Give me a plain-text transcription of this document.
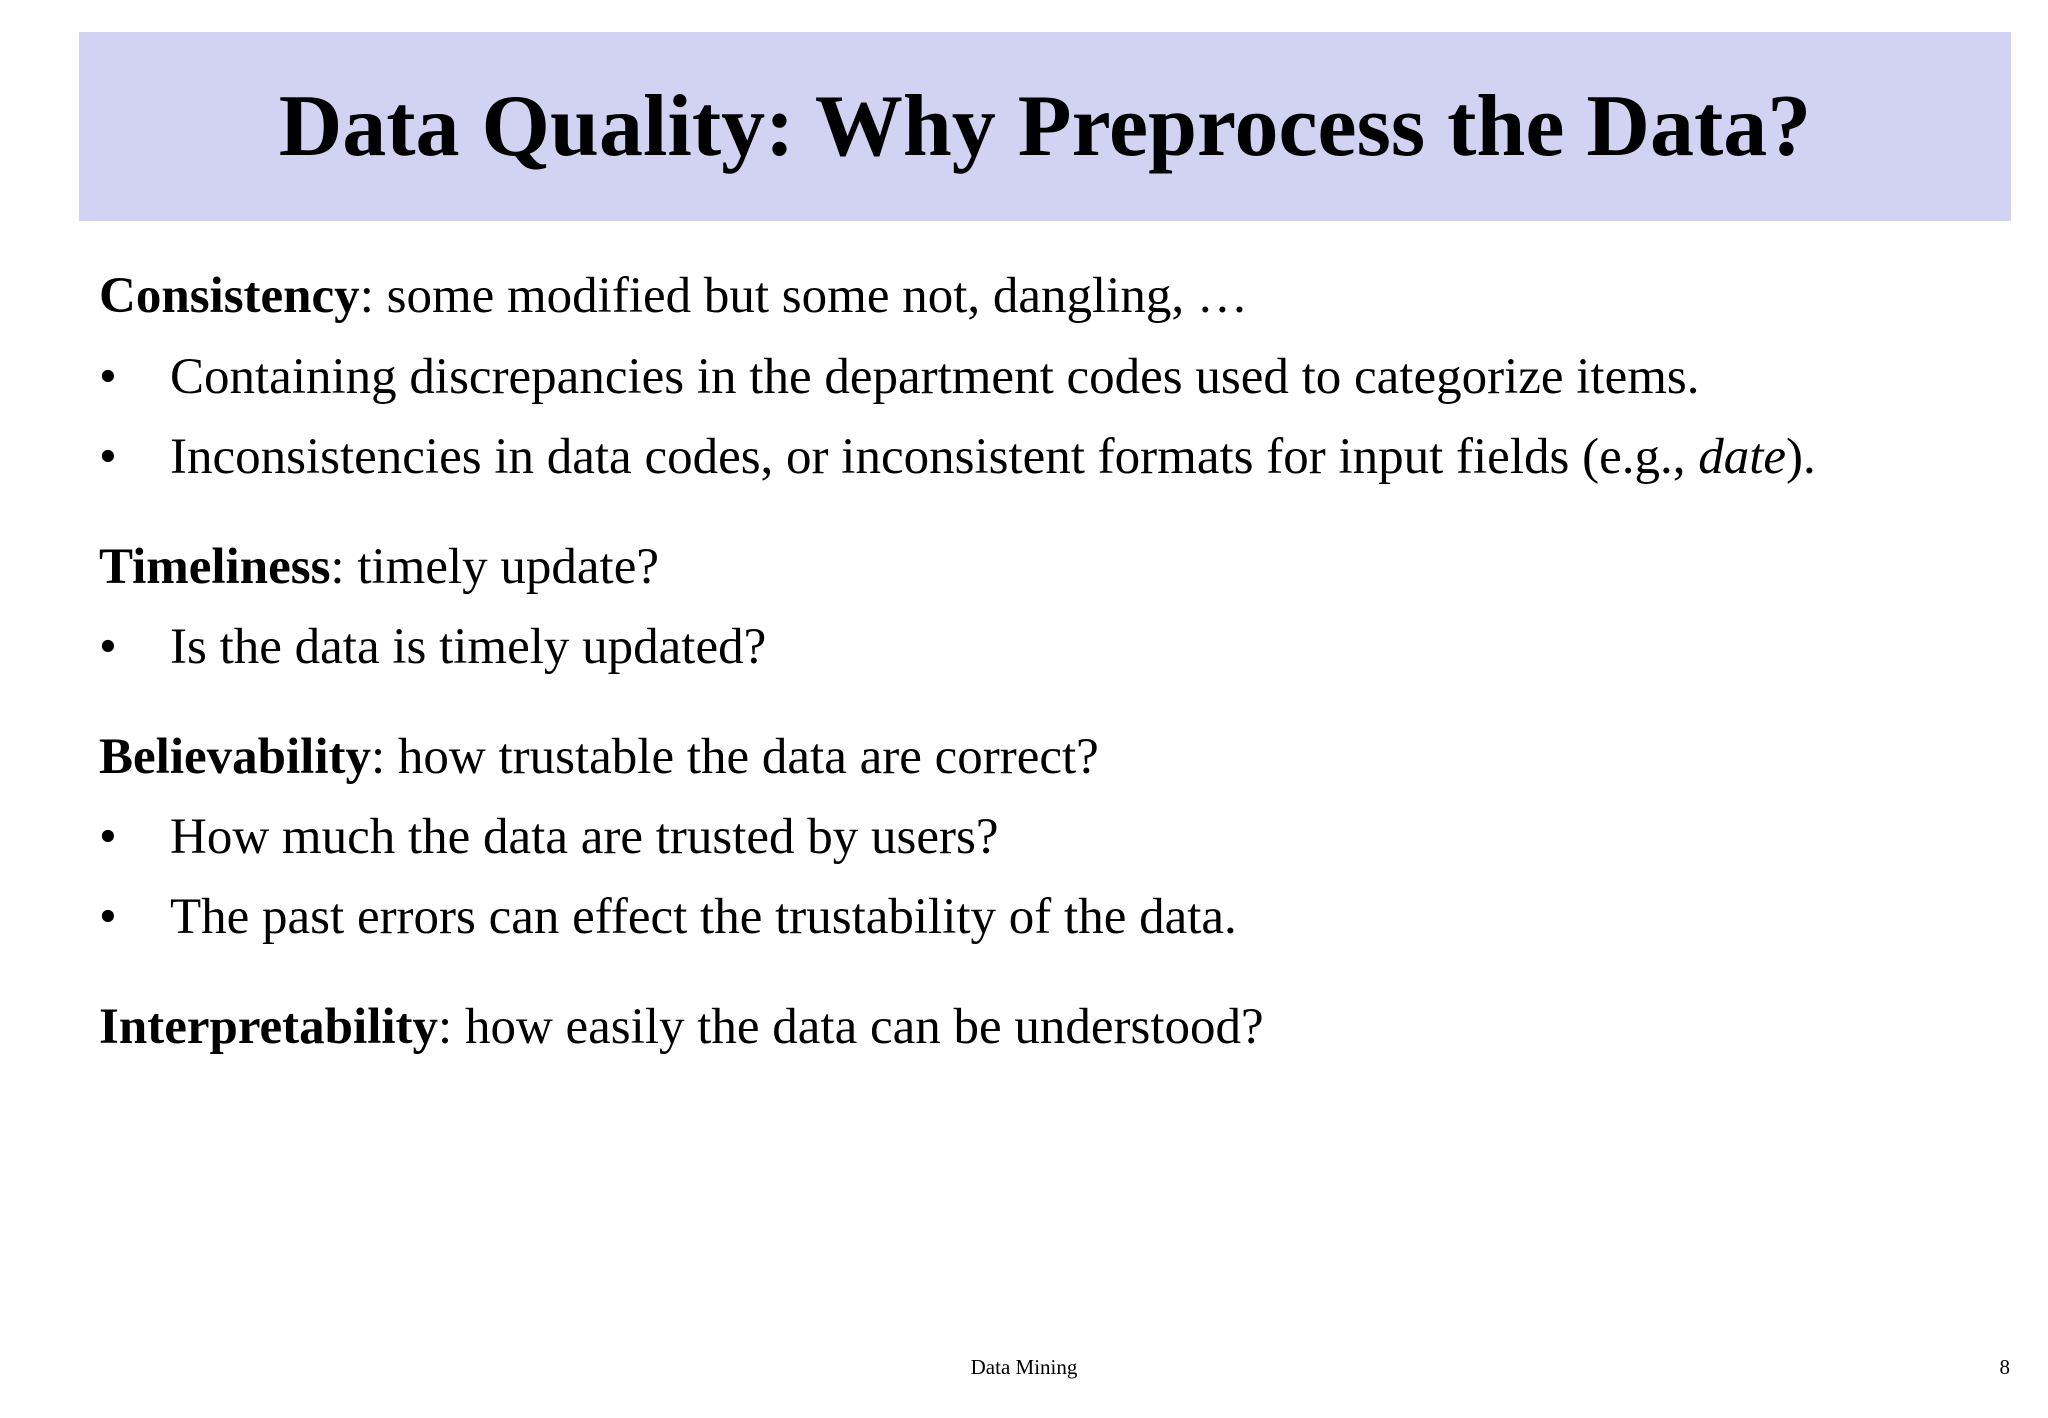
Data Quality: Why Preprocess the Data?
Consistency: some modified but some not, dangling, …
•	Containing discrepancies in the department codes used to categorize items.
•	Inconsistencies in data codes, or inconsistent formats for input fields (e.g., date).
Timeliness: timely update?
•	Is the data is timely updated?
Believability: how trustable the data are correct?
•	How much the data are trusted by users?
•	The past errors can effect the trustability of the data.
Interpretability: how easily the data can be understood?
Data Mining	8
